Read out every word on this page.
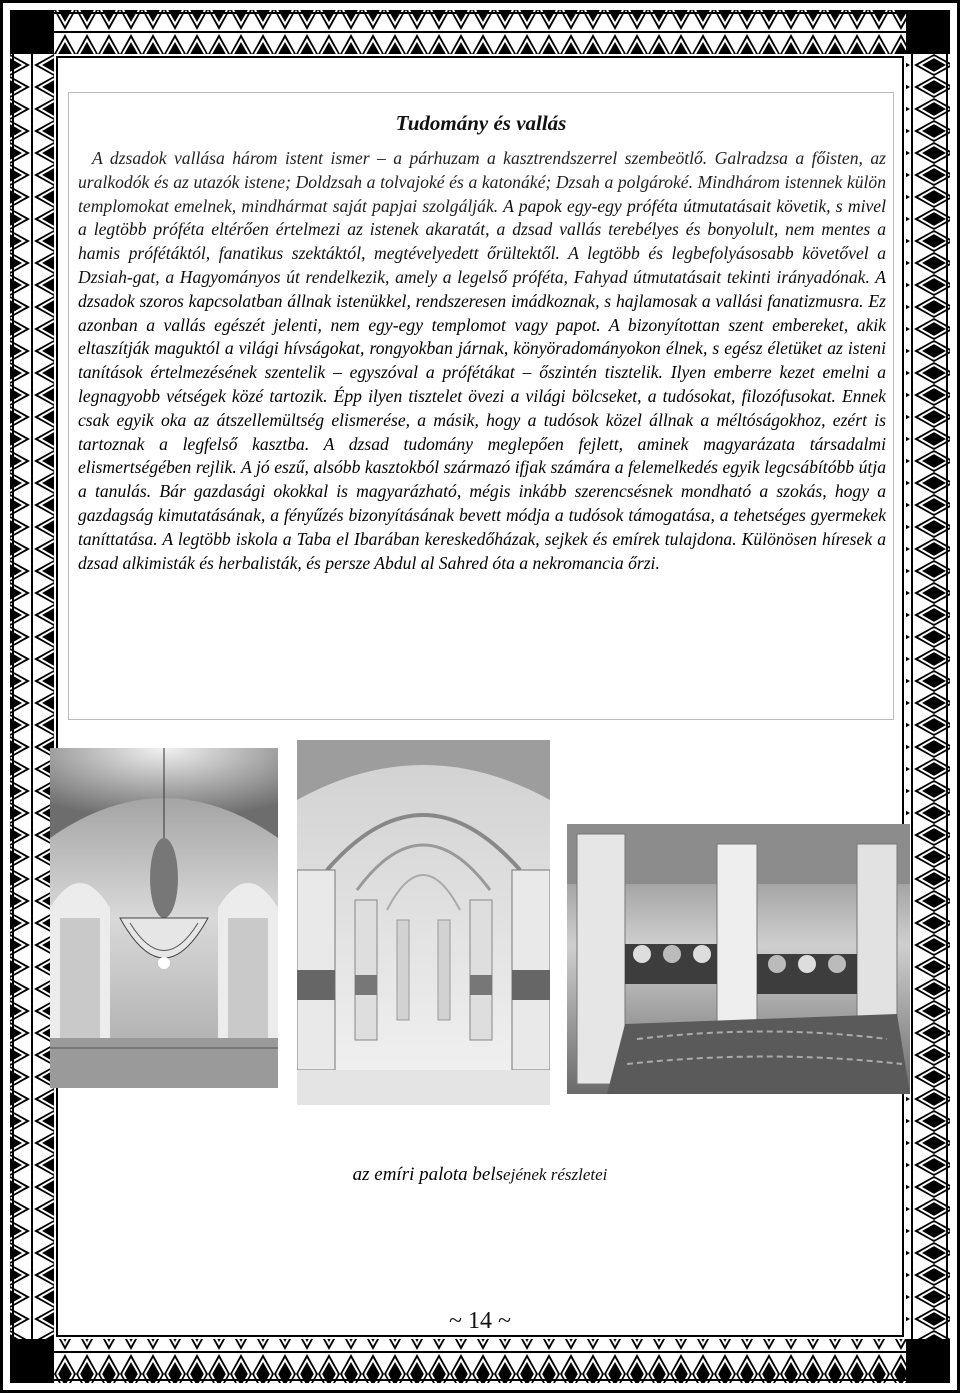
Tudomány és vallás
A dzsadok vallása három istent ismer – a párhuzam a kasztrendszerrel szembeötlő. Galradzsa a főisten, az uralkodók és az utazók istene; Doldzsah a tolvajoké és a katonáké; Dzsah a polgároké. Mindhárom istennek külön templomokat emelnek, mindhármat saját papjai szolgálják. A papok egy-egy próféta útmutatásait követik, s mivel a legtöbb próféta eltérően értelmezi az istenek akaratát, a dzsad vallás terebélyes és bonyolult, nem mentes a hamis prófétáktól, fanatikus szektáktól, megtévelyedett őrültektől. A legtöbb és legbefolyásosabb követővel a Dzsiah-gat, a Hagyományos út rendelkezik, amely a legelső próféta, Fahyad útmutatásait tekinti irányadónak. A dzsadok szoros kapcsolatban állnak istenükkel, rendszeresen imádkoznak, s hajlamosak a vallási fanatizmusra. Ez azonban a vallás egészét jelenti, nem egy-egy templomot vagy papot. A bizonyítottan szent embereket, akik eltaszítják maguktól a világi hívságokat, rongyokban járnak, könyöradományokon élnek, s egész életüket az isteni tanítások értelmezésének szentelik – egyszóval a prófétákat – őszintén tisztelik. Ilyen emberre kezet emelni a legnagyobb vétségek közé tartozik. Épp ilyen tisztelet övezi a világi bölcseket, a tudósokat, filozófusokat. Ennek csak egyik oka az átszellemültség elismerése, a másik, hogy a tudósok közel állnak a méltóságokhoz, ezért is tartoznak a legfelső kasztba. A dzsad tudomány meglepően fejlett, aminek magyarázata társadalmi elismertségében rejlik. A jó eszű, alsóbb kasztokból származó ifjak számára a felemelkedés egyik legcsábítóbb útja a tanulás. Bár gazdasági okokkal is magyarázható, mégis inkább szerencsésnek mondható a szokás, hogy a gazdagság kimutatásának, a fényűzés bizonyításának bevett módja a tudósok támogatása, a tehetséges gyermekek taníttatása. A legtöbb iskola a Taba el Ibarában kereskedőházak, sejkek és emírek tulajdona. Különösen híresek a dzsad alkimisták és herbalisták, és persze Abdul al Sahred óta a nekromancia őrzi.
az emíri palota belsejének részletei
~ 14 ~
